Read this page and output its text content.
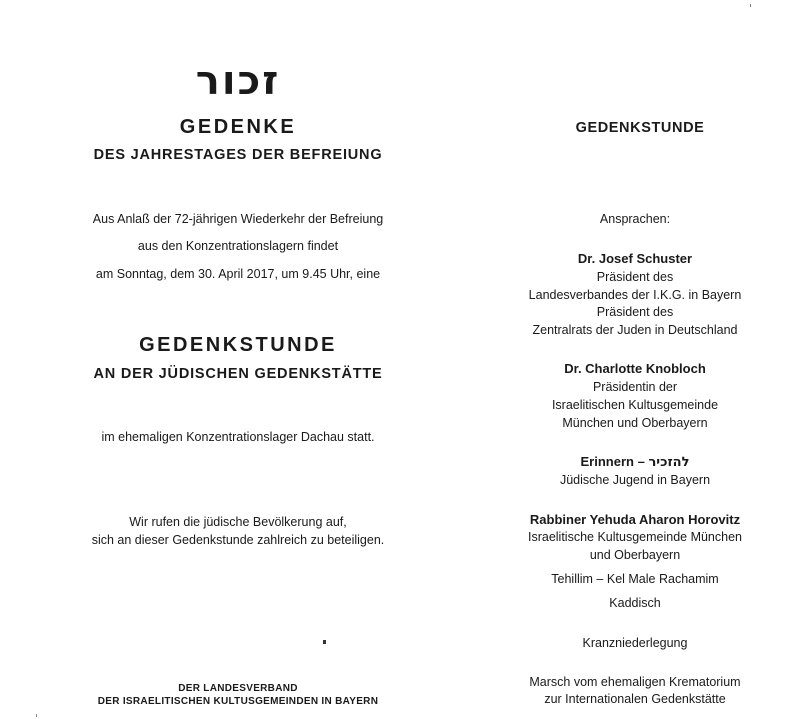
זכור
GEDENKE
DES JAHRESTAGES DER BEFREIUNG
Aus Anlaß der 72-jährigen Wiederkehr der Befreiung
aus den Konzentrationslagern findet
am Sonntag, dem 30. April 2017, um 9.45 Uhr, eine
GEDENKSTUNDE
AN DER JÜDISCHEN GEDENKSTÄTTE
im ehemaligen Konzentrationslager Dachau statt.
Wir rufen die jüdische Bevölkerung auf,
sich an dieser Gedenkstunde zahlreich zu beteiligen.
DER LANDESVERBAND
DER ISRAELITISCHEN KULTUSGEMEINDEN IN BAYERN
GEDENKSTUNDE
Ansprachen:
Dr. Josef Schuster
Präsident des
Landesverbandes der I.K.G. in Bayern
Präsident des
Zentralrats der Juden in Deutschland
Dr. Charlotte Knobloch
Präsidentin der
Israelitischen Kultusgemeinde
München und Oberbayern
Erinnern – להזכיר
Jüdische Jugend in Bayern
Rabbiner Yehuda Aharon Horovitz
Israelitische Kultusgemeinde München
und Oberbayern
Tehillim – Kel Male Rachamim
Kaddisch
Kranzniederlegung
Marsch vom ehemaligen Krematorium
zur Internationalen Gedenkstätte
